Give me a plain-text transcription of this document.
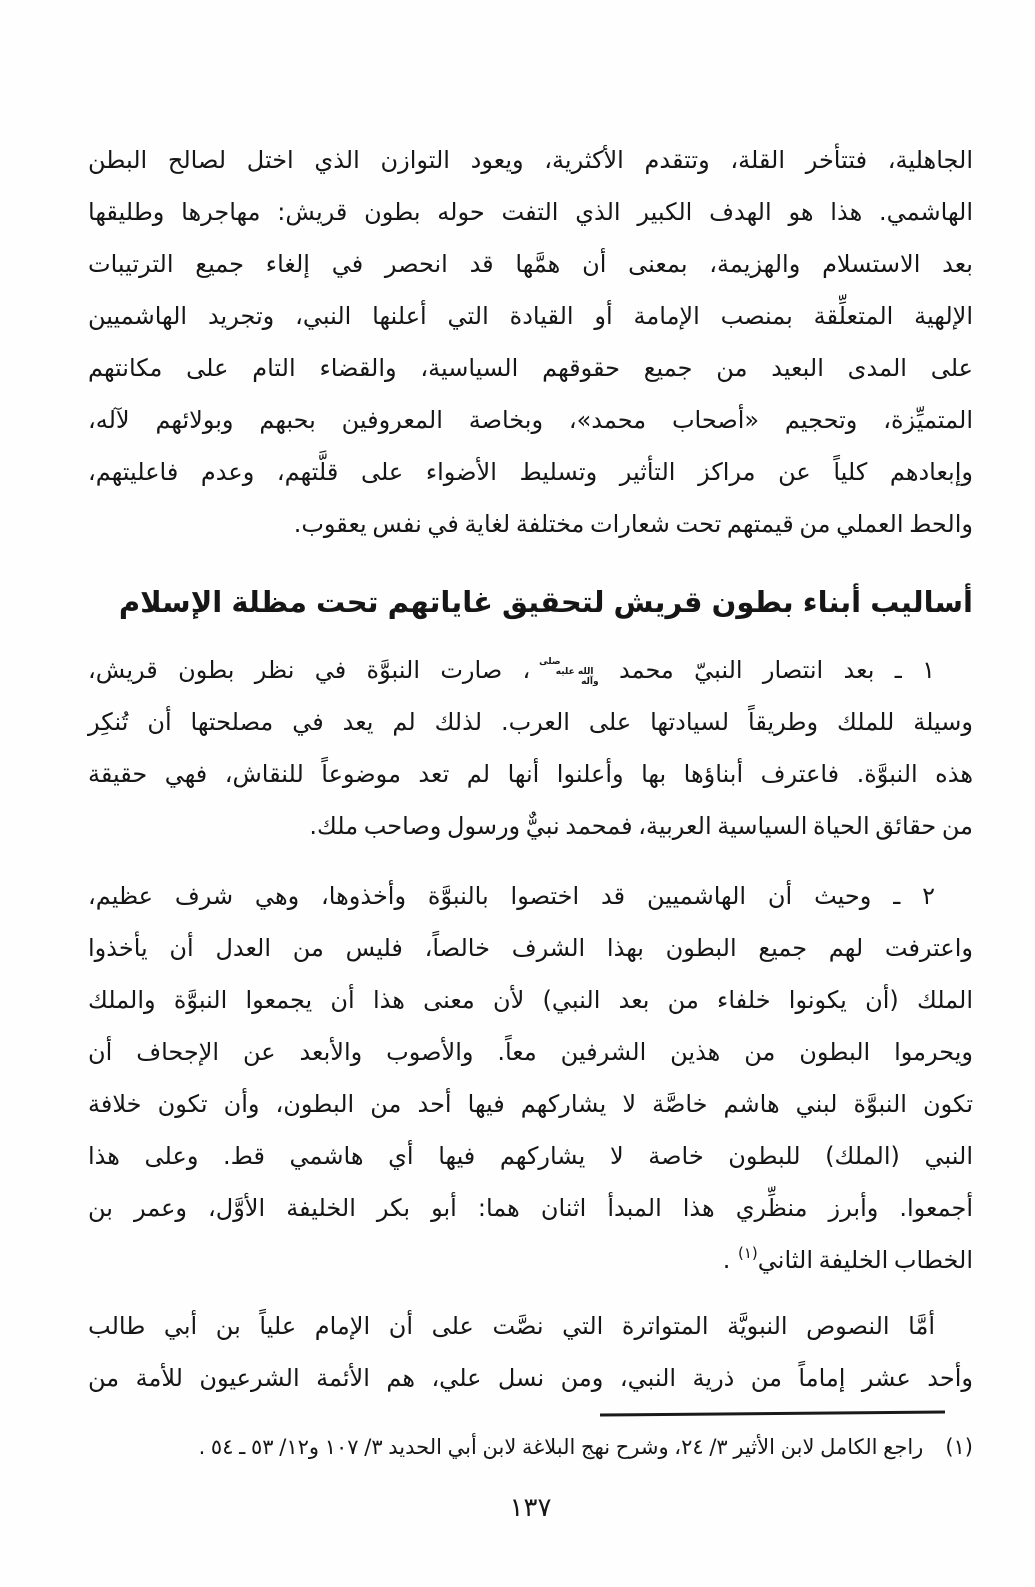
الجاهلية، فتتأخر القلة، وتتقدم الأكثرية، ويعود التوازن الذي اختل لصالح البطن
الهاشمي. هذا هو الهدف الكبير الذي التفت حوله بطون قريش: مهاجرها وطليقها
بعد الاستسلام والهزيمة، بمعنى أن همَّها قد انحصر في إلغاء جميع الترتيبات
الإلهية المتعلِّقة بمنصب الإمامة أو القيادة التي أعلنها النبي، وتجريد الهاشميين
على المدى البعيد من جميع حقوقهم السياسية، والقضاء التام على مكانتهم
المتميِّزة، وتحجيم «أصحاب محمد»، وبخاصة المعروفين بحبهم وبولائهم لآله،
وإبعادهم كلياً عن مراكز التأثير وتسليط الأضواء على قلَّتهم، وعدم فاعليتهم،
والحط العملي من قيمتهم تحت شعارات مختلفة لغاية في نفس يعقوب.
أساليب أبناء بطون قريش لتحقيق غاياتهم تحت مظلة الإسلام
١ ـ بعد انتصار النبيّ محمد صلى الله عليه وآله ، صارت النبوَّة في نظر بطون قريش،
وسيلة للملك وطريقاً لسيادتها على العرب. لذلك لم يعد في مصلحتها أن تُنكِر
هذه النبوَّة. فاعترف أبناؤها بها وأعلنوا أنها لم تعد موضوعاً للنقاش، فهي حقيقة
من حقائق الحياة السياسية العربية، فمحمد نبيٌّ ورسول وصاحب ملك.
٢ ـ وحيث أن الهاشميين قد اختصوا بالنبوَّة وأخذوها، وهي شرف عظيم،
واعترفت لهم جميع البطون بهذا الشرف خالصاً، فليس من العدل أن يأخذوا
الملك (أن يكونوا خلفاء من بعد النبي) لأن معنى هذا أن يجمعوا النبوَّة والملك
ويحرموا البطون من هذين الشرفين معاً. والأصوب والأبعد عن الإجحاف أن
تكون النبوَّة لبني هاشم خاصَّة لا يشاركهم فيها أحد من البطون، وأن تكون خلافة
النبي (الملك) للبطون خاصة لا يشاركهم فيها أي هاشمي قط. وعلى هذا
أجمعوا. وأبرز منظِّري هذا المبدأ اثنان هما: أبو بكر الخليفة الأوَّل، وعمر بن
الخطاب الخليفة الثاني$^{(١)}$ .
أمَّا النصوص النبويَّة المتواترة التي نصَّت على أن الإمام علياً بن أبي طالب
وأحد عشر إماماً من ذرية النبي، ومن نسل علي، هم الأئمة الشرعيون للأمة من
(١)
راجع الكامل لابن الأثير ٣/ ٢٤، وشرح نهج البلاغة لابن أبي الحديد ٣/ ١٠٧ و١٢/ ٥٣ ـ ٥٤ .
١٣٧
